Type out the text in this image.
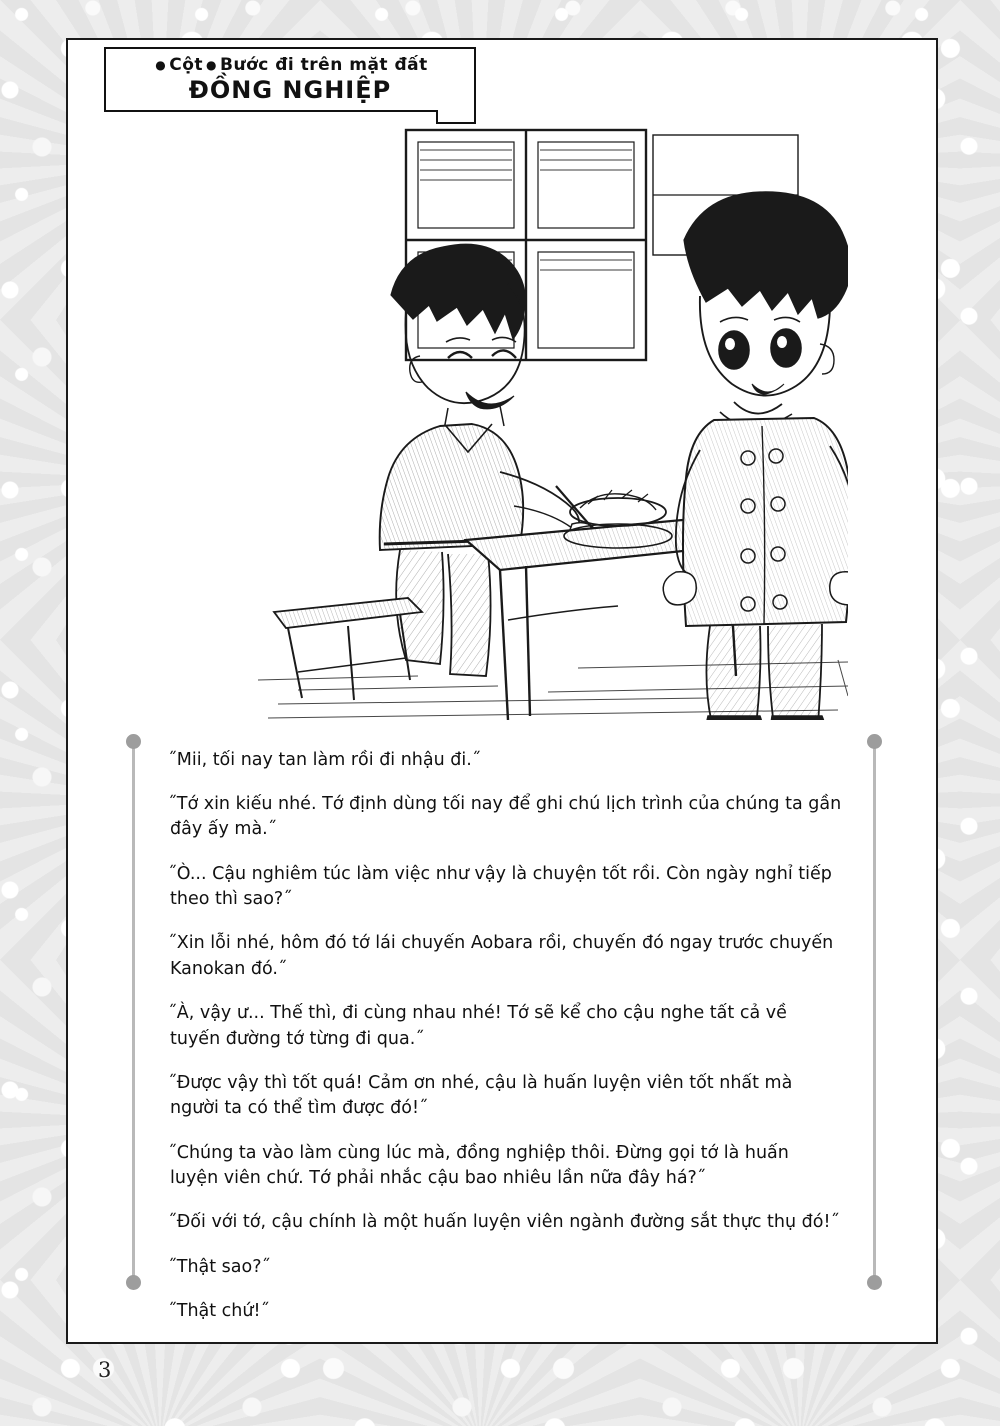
● Cột ● Bước đi trên mặt đất
ĐỒNG NGHIỆP

˝Mii, tối nay tan làm rồi đi nhậu đi.˝

˝Tớ xin kiếu nhé. Tớ định dùng tối nay để ghi chú lịch trình của chúng ta gần đây ấy mà.˝

˝Ò... Cậu nghiêm túc làm việc như vậy là chuyện tốt rồi. Còn ngày nghỉ tiếp theo thì sao?˝

˝Xin lỗi nhé, hôm đó tớ lái chuyến Aobara rồi, chuyến đó ngay trước chuyến Kanokan đó.˝

˝À, vậy ư... Thế thì, đi cùng nhau nhé! Tớ sẽ kể cho cậu nghe tất cả về tuyến đường tớ từng đi qua.˝

˝Được vậy thì tốt quá! Cảm ơn nhé, cậu là huấn luyện viên tốt nhất mà người ta có thể tìm được đó!˝

˝Chúng ta vào làm cùng lúc mà, đồng nghiệp thôi. Đừng gọi tớ là huấn luyện viên chứ. Tớ phải nhắc cậu bao nhiêu lần nữa đây há?˝

˝Đối với tớ, cậu chính là một huấn luyện viên ngành đường sắt thực thụ đó!˝

˝Thật sao?˝

˝Thật chứ!˝

3
